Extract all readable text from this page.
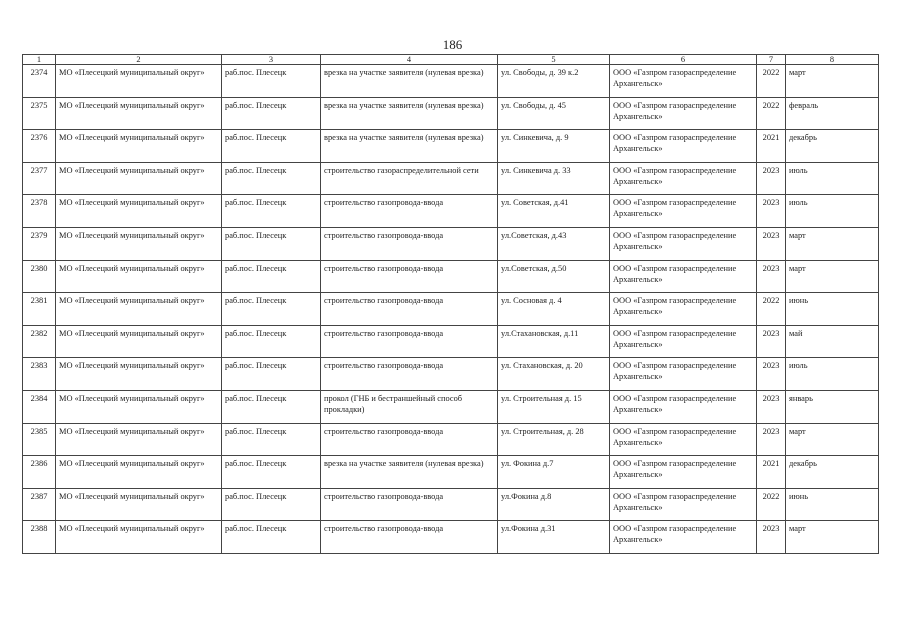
186
1	2	3	4	5	6	7	8
2374	МО «Плесецкий муниципальный округ»	раб.пос. Плесецк	врезка на участке заявителя (нулевая врезка)	ул. Свободы, д. 39 к.2	ООО «Газпром газораспределение Архангельск»	2022	март
2375	МО «Плесецкий муниципальный округ»	раб.пос. Плесецк	врезка на участке заявителя (нулевая врезка)	ул. Свободы, д. 45	ООО «Газпром газораспределение Архангельск»	2022	февраль
2376	МО «Плесецкий муниципальный округ»	раб.пос. Плесецк	врезка на участке заявителя (нулевая врезка)	ул. Синкевича, д. 9	ООО «Газпром газораспределение Архангельск»	2021	декабрь
2377	МО «Плесецкий муниципальный округ»	раб.пос. Плесецк	строительство газораспределительной сети	ул. Синкевича д. 33	ООО «Газпром газораспределение Архангельск»	2023	июль
2378	МО «Плесецкий муниципальный округ»	раб.пос. Плесецк	строительство газопровода-ввода	ул. Советская, д.41	ООО «Газпром газораспределение Архангельск»	2023	июль
2379	МО «Плесецкий муниципальный округ»	раб.пос. Плесецк	строительство газопровода-ввода	ул.Советская, д.43	ООО «Газпром газораспределение Архангельск»	2023	март
2380	МО «Плесецкий муниципальный округ»	раб.пос. Плесецк	строительство газопровода-ввода	ул.Советская, д.50	ООО «Газпром газораспределение Архангельск»	2023	март
2381	МО «Плесецкий муниципальный округ»	раб.пос. Плесецк	строительство газопровода-ввода	ул. Сосновая д. 4	ООО «Газпром газораспределение Архангельск»	2022	июнь
2382	МО «Плесецкий муниципальный округ»	раб.пос. Плесецк	строительство газопровода-ввода	ул.Стахановская, д.11	ООО «Газпром газораспределение Архангельск»	2023	май
2383	МО «Плесецкий муниципальный округ»	раб.пос. Плесецк	строительство газопровода-ввода	ул. Стахановская, д. 20	ООО «Газпром газораспределение Архангельск»	2023	июль
2384	МО «Плесецкий муниципальный округ»	раб.пос. Плесецк	прокол (ГНБ и бестраншейный способ прокладки)	ул. Строительная д. 15	ООО «Газпром газораспределение Архангельск»	2023	январь
2385	МО «Плесецкий муниципальный округ»	раб.пос. Плесецк	строительство газопровода-ввода	ул. Строительная, д. 28	ООО «Газпром газораспределение Архангельск»	2023	март
2386	МО «Плесецкий муниципальный округ»	раб.пос. Плесецк	врезка на участке заявителя (нулевая врезка)	ул. Фокина д.7	ООО «Газпром газораспределение Архангельск»	2021	декабрь
2387	МО «Плесецкий муниципальный округ»	раб.пос. Плесецк	строительство газопровода-ввода	ул.Фокина д.8	ООО «Газпром газораспределение Архангельск»	2022	июнь
2388	МО «Плесецкий муниципальный округ»	раб.пос. Плесецк	строительство газопровода-ввода	ул.Фокина д.31	ООО «Газпром газораспределение Архангельск»	2023	март
